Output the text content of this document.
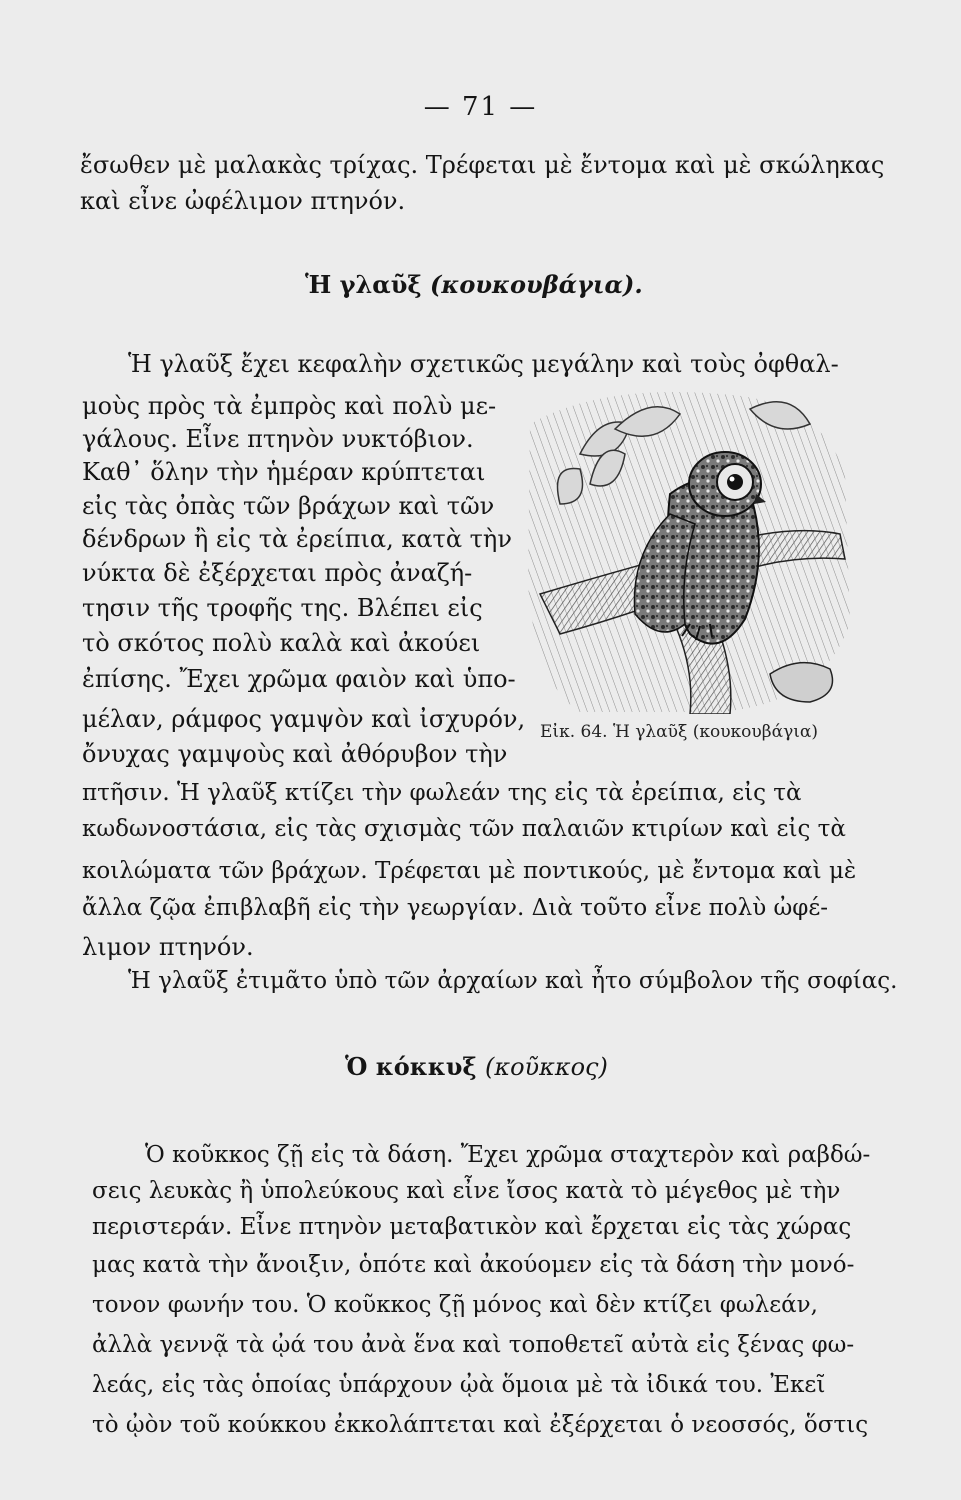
— 71 —
ἔσωθεν μὲ μαλακὰς τρίχας. Τρέφεται μὲ ἔντομα καὶ μὲ σκώληκας
καὶ εἶνε ὠφέλιμον πτηνόν.
Ἡ γλαῦξ (κουκουβάγια).
Ἡ γλαῦξ ἔχει κεφαλὴν σχετικῶς μεγάλην καὶ τοὺς ὀφθαλ-
μοὺς πρὸς τὰ ἐμπρὸς καὶ πολὺ με-
γάλους. Εἶνε πτηνὸν νυκτόβιον.
Καθ᾽ ὅλην τὴν ἡμέραν κρύπτεται
εἰς τὰς ὀπὰς τῶν βράχων καὶ τῶν
δένδρων ἢ εἰς τὰ ἐρείπια, κατὰ τὴν
νύκτα δὲ ἐξέρχεται πρὸς ἀναζή-
τησιν τῆς τροφῆς της. Βλέπει εἰς
τὸ σκότος πολὺ καλὰ καὶ ἀκούει
ἐπίσης. Ἔχει χρῶμα φαιὸν καὶ ὑπο-
μέλαν, ράμφος γαμψὸν καὶ ἰσχυρόν,
ὄνυχας γαμψοὺς καὶ ἀθόρυβον τὴν
πτῆσιν. Ἡ γλαῦξ κτίζει τὴν φωλεάν της εἰς τὰ ἐρείπια, εἰς τὰ
κωδωνοστάσια, εἰς τὰς σχισμὰς τῶν παλαιῶν κτιρίων καὶ εἰς τὰ
κοιλώματα τῶν βράχων. Τρέφεται μὲ ποντικούς, μὲ ἔντομα καὶ μὲ
ἄλλα ζῷα ἐπιβλαβῆ εἰς τὴν γεωργίαν. Διὰ τοῦτο εἶνε πολὺ ὠφέ-
λιμον πτηνόν.
Ἡ γλαῦξ ἐτιμᾶτο ὑπὸ τῶν ἀρχαίων καὶ ἦτο σύμβολον τῆς σοφίας.
Εἰκ. 64. Ἡ γλαῦξ (κουκουβάγια)
Ὁ κόκκυξ (κοῦκκος)
Ὁ κοῦκκος ζῇ εἰς τὰ δάση. Ἔχει χρῶμα σταχτερὸν καὶ ραβδώ-
σεις λευκὰς ἢ ὑπολεύκους καὶ εἶνε ἴσος κατὰ τὸ μέγεθος μὲ τὴν
περιστεράν. Εἶνε πτηνὸν μεταβατικὸν καὶ ἔρχεται εἰς τὰς χώρας
μας κατὰ τὴν ἄνοιξιν, ὁπότε καὶ ἀκούομεν εἰς τὰ δάση τὴν μονό-
τονον φωνήν του. Ὁ κοῦκκος ζῇ μόνος καὶ δὲν κτίζει φωλεάν,
ἀλλὰ γεννᾷ τὰ ᾠά του ἀνὰ ἕνα καὶ τοποθετεῖ αὐτὰ εἰς ξένας φω-
λεάς, εἰς τὰς ὁποίας ὑπάρχουν ᾠὰ ὅμοια μὲ τὰ ἰδικά του. Ἐκεῖ
τὸ ᾠὸν τοῦ κούκκου ἐκκολάπτεται καὶ ἐξέρχεται ὁ νεοσσός, ὅστις
